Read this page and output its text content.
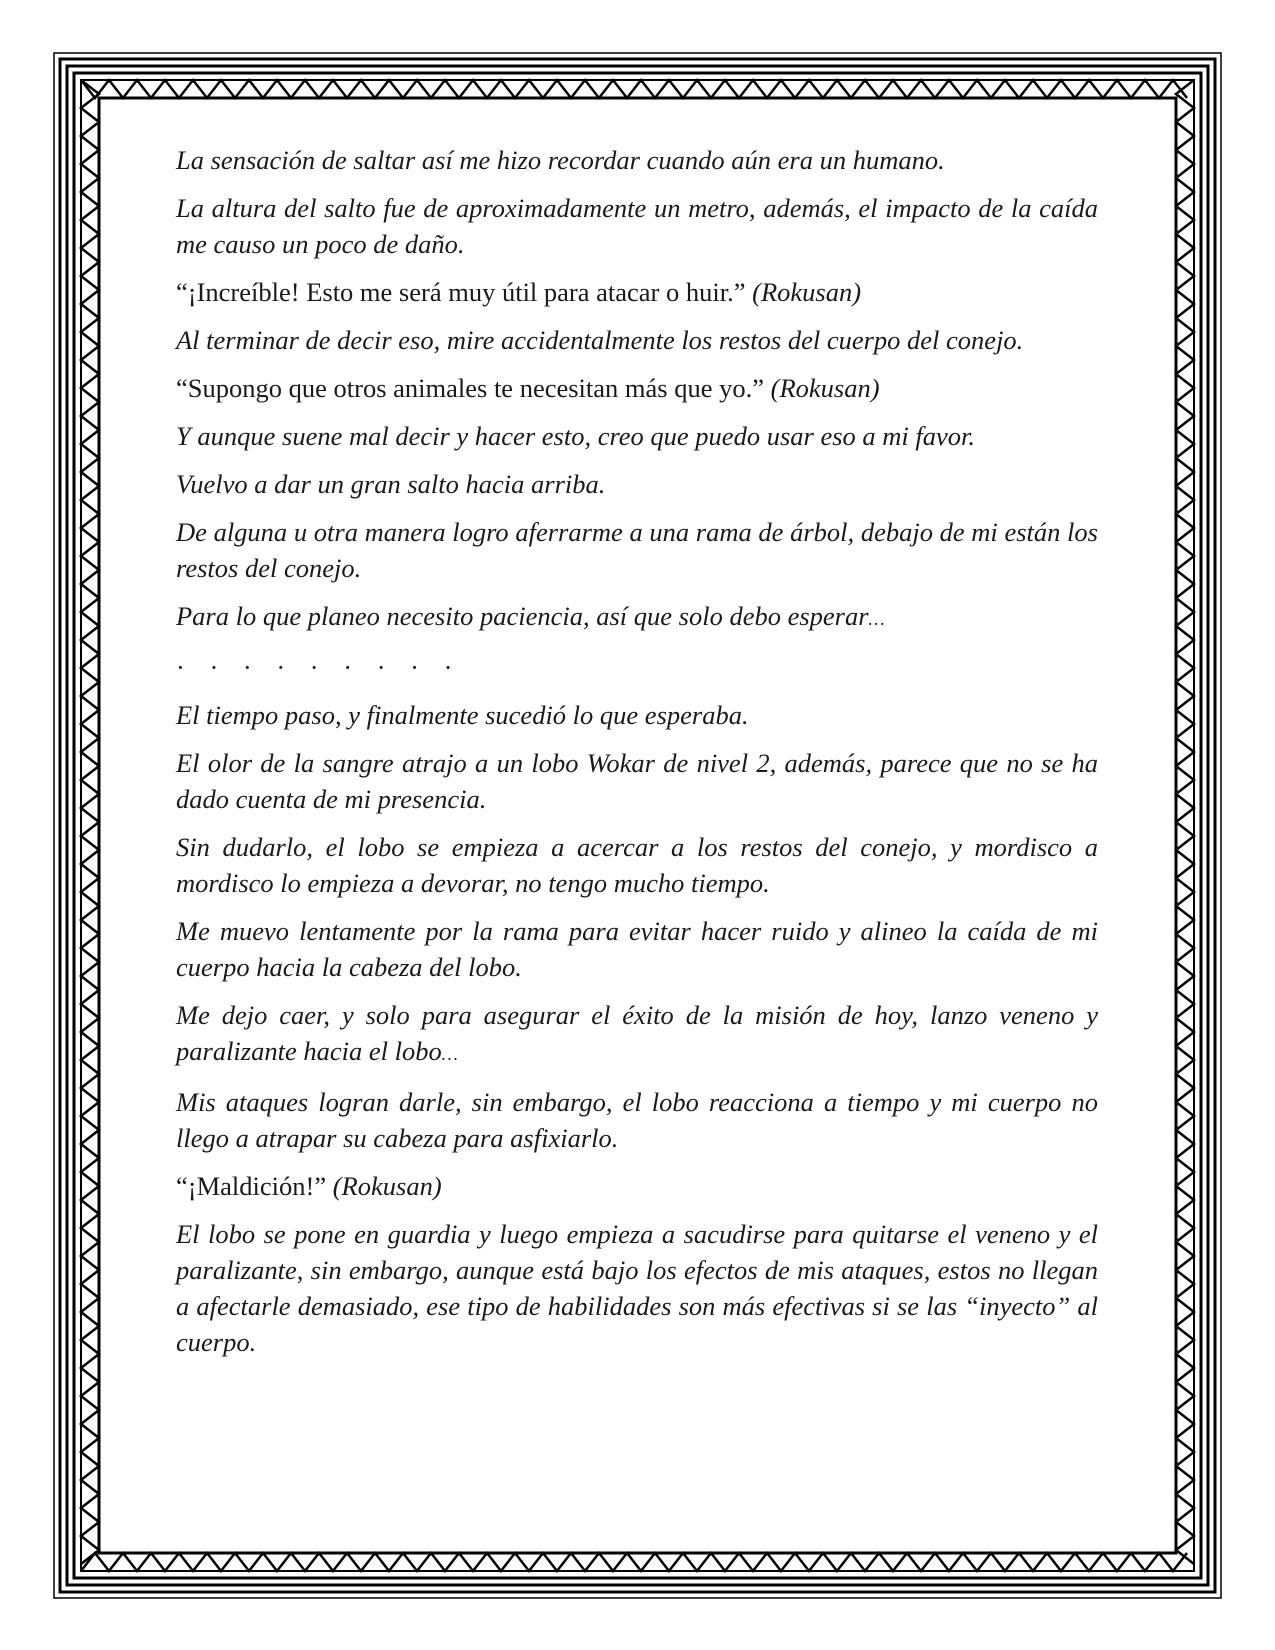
La sensación de saltar así me hizo recordar cuando aún era un humano.

La altura del salto fue de aproximadamente un metro, además, el impacto de la caída me causo un poco de daño.

“¡Increíble! Esto me será muy útil para atacar o huir.” (Rokusan)

Al terminar de decir eso, mire accidentalmente los restos del cuerpo del conejo.

“Supongo que otros animales te necesitan más que yo.” (Rokusan)

Y aunque suene mal decir y hacer esto, creo que puedo usar eso a mi favor.

Vuelvo a dar un gran salto hacia arriba.

De alguna u otra manera logro aferrarme a una rama de árbol, debajo de mi están los restos del conejo.

Para lo que planeo necesito paciencia, así que solo debo esperar…

· · · · · · · · ·

El tiempo paso, y finalmente sucedió lo que esperaba.

El olor de la sangre atrajo a un lobo Wokar de nivel 2, además, parece que no se ha dado cuenta de mi presencia.

Sin dudarlo, el lobo se empieza a acercar a los restos del conejo, y mordisco a mordisco lo empieza a devorar, no tengo mucho tiempo.

Me muevo lentamente por la rama para evitar hacer ruido y alineo la caída de mi cuerpo hacia la cabeza del lobo.

Me dejo caer, y solo para asegurar el éxito de la misión de hoy, lanzo veneno y paralizante hacia el lobo…

Mis ataques logran darle, sin embargo, el lobo reacciona a tiempo y mi cuerpo no llego a atrapar su cabeza para asfixiarlo.

“¡Maldición!” (Rokusan)

El lobo se pone en guardia y luego empieza a sacudirse para quitarse el veneno y el paralizante, sin embargo, aunque está bajo los efectos de mis ataques, estos no llegan a afectarle demasiado, ese tipo de habilidades son más efectivas si se las “inyecto” al cuerpo.
